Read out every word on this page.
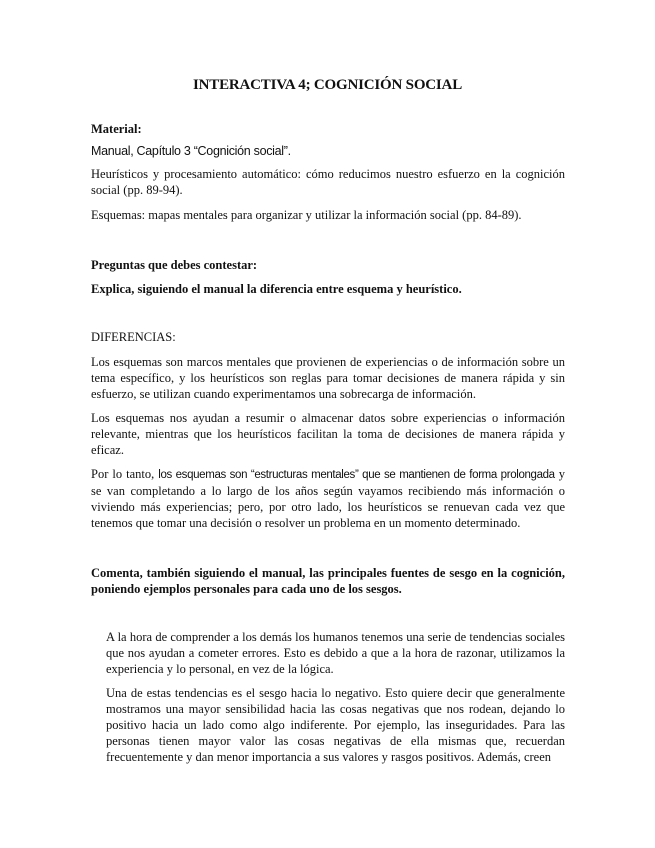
INTERACTIVA 4; COGNICIÓN SOCIAL
Material:
Manual, Capítulo 3 “Cognición social”.
Heurísticos y procesamiento automático: cómo reducimos nuestro esfuerzo en la cognición social (pp. 89-94).
Esquemas: mapas mentales para organizar y utilizar la información social (pp. 84-89).
Preguntas que debes contestar:
Explica, siguiendo el manual la diferencia entre esquema y heurístico.
DIFERENCIAS:
Los esquemas son marcos mentales que provienen de experiencias o de información sobre un tema específico, y los heurísticos son reglas para tomar decisiones de manera rápida y sin esfuerzo, se utilizan cuando experimentamos una sobrecarga de información.
Los esquemas nos ayudan a resumir o almacenar datos sobre experiencias o información relevante, mientras que los heurísticos facilitan la toma de decisiones de manera rápida y eficaz.
Por lo tanto, los esquemas son “estructuras mentales” que se mantienen de forma prolongada y se van completando a lo largo de los años según vayamos recibiendo más información o viviendo más experiencias; pero, por otro lado, los heurísticos se renuevan cada vez que tenemos que tomar una decisión o resolver un problema en un momento determinado.
Comenta, también siguiendo el manual, las principales fuentes de sesgo en la cognición, poniendo ejemplos personales para cada uno de los sesgos.
A la hora de comprender a los demás los humanos tenemos una serie de tendencias sociales que nos ayudan a cometer errores. Esto es debido a que a la hora de razonar, utilizamos la experiencia y lo personal, en vez de la lógica.
Una de estas tendencias es el sesgo hacia lo negativo. Esto quiere decir que generalmente mostramos una mayor sensibilidad hacia las cosas negativas que nos rodean, dejando lo positivo hacia un lado como algo indiferente. Por ejemplo, las inseguridades. Para las personas tienen mayor valor las cosas negativas de ella mismas que, recuerdan frecuentemente y dan menor importancia a sus valores y rasgos positivos. Además, creen
